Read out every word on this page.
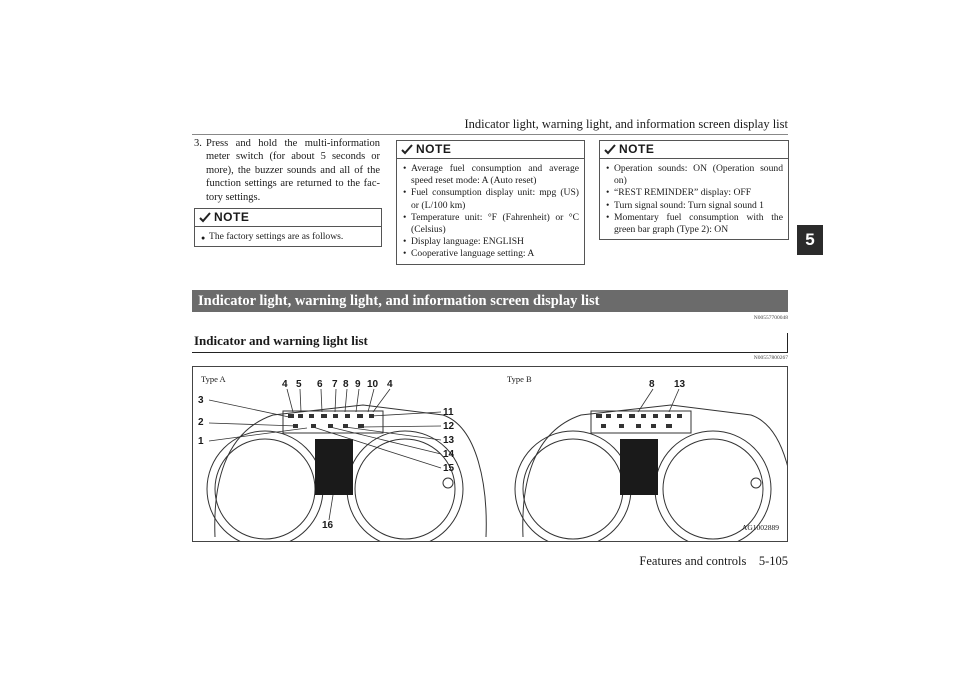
Indicator light, warning light, and information screen display list
5
3. Press and hold the multi-information meter switch (for about 5 seconds or more), the buzzer sounds and all of the function settings are returned to the fac-tory settings.
NOTE
● The factory settings are as follows.
NOTE
• Average fuel consumption and average speed reset mode: A (Auto reset)
• Fuel consumption display unit: mpg (US) or (L/100 km)
• Temperature unit: °F (Fahrenheit) or °C (Celsius)
• Display language: ENGLISH
• Cooperative language setting: A
NOTE
• Operation sounds: ON (Operation sound on)
• “REST REMINDER” display: OFF
• Turn signal sound: Turn signal sound 1
• Momentary fuel consumption with the green bar graph (Type 2): ON
Indicator light, warning light, and information screen display list
N00557700048
Indicator and warning light list
N00557800267
Type A	Type B
4 5 6 7 8 9 10 4
3
2
1
11
12
13
14
15
16
8 13
AG1002889
Features and controls    5-105
